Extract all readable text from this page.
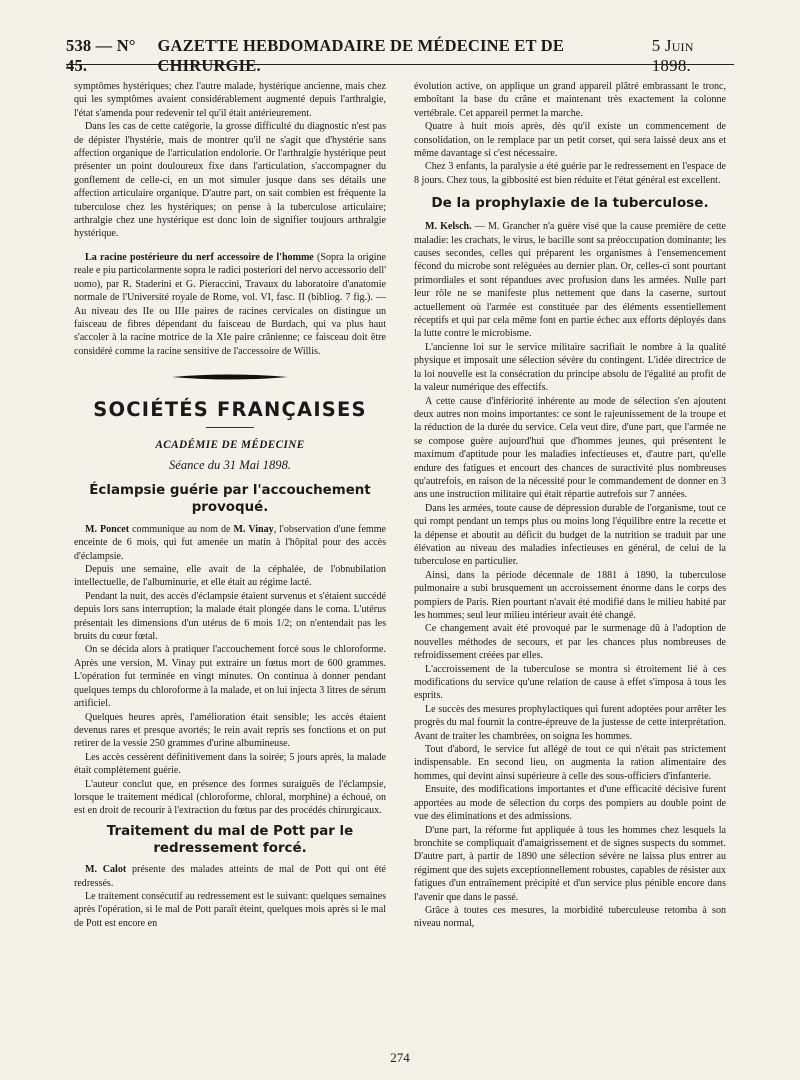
538 — N° 45.
GAZETTE HEBDOMADAIRE DE MÉDECINE ET DE CHIRURGIE.
5 Juin 1898.

symptômes hystériques; chez l'autre malade, hystérique ancienne, mais chez qui les symptômes avaient considérablement augmenté depuis l'arthralgie, l'état s'amenda pour redevenir tel qu'il était antérieurement.

Dans les cas de cette catégorie, la grosse difficulté du diagnostic n'est pas de dépister l'hystérie, mais de montrer qu'il ne s'agit que d'hystérie sans affection organique de l'articulation endolorie. Or l'arthralgie hystérique peut présenter un point douloureux fixe dans l'articulation, s'accompagner du gonflement de celle-ci, en un mot simuler jusque dans ses détails une affection articulaire organique. D'autre part, on sait combien est fréquente la tuberculose chez les hystériques; on pense à la tuberculose articulaire; arthralgie chez une hystérique est donc loin de signifier toujours arthralgie hystérique.

La racine postérieure du nerf accessoire de l'homme (Sopra la origine reale e piu particolarmente sopra le radici posteriori del nervo accessorio dell' uomo), par R. Staderini et G. Pieraccini, Travaux du laboratoire d'anatomie normale de l'Université royale de Rome, vol. VI, fasc. II (bibliog. 7 fig.). — Au niveau des IIe ou IIIe paires de racines cervicales on distingue un faisceau de fibres dépendant du faisceau de Burdach, qui va plus haut s'accoler à la racine motrice de la XIe paire crânienne; ce faisceau doit être considéré comme la racine sensitive de l'accessoire de Willis.

SOCIÉTÉS FRANÇAISES
ACADÉMIE DE MÉDECINE
Séance du 31 Mai 1898.
Éclampsie guérie par l'accouchement provoqué.

M. Poncet communique au nom de M. Vinay, l'observation d'une femme enceinte de 6 mois, qui fut amenée un matin à l'hôpital pour des accès d'éclampsie.

Depuis une semaine, elle avait de la céphalée, de l'obnubilation intellectuelle, de l'albuminurie, et elle était au régime lacté.

Pendant la nuit, des accès d'éclampsie étaient survenus et s'étaient succédé depuis lors sans interruption; la malade était plongée dans le coma. L'utérus présentait les dimensions d'un utérus de 6 mois 1/2; on n'entendait pas les bruits du cœur fœtal.

On se décida alors à pratiquer l'accouchement forcé sous le chloroforme. Après une version, M. Vinay put extraire un fœtus mort de 600 grammes. L'opération fut terminée en vingt minutes. On continua à donner pendant quelques temps du chloroforme à la malade, et on lui injecta 3 litres de sérum artificiel.

Quelques heures après, l'amélioration était sensible; les accès étaient devenus rares et presque avortés; le rein avait repris ses fonctions et on put retirer de la vessie 250 grammes d'urine albumineuse.

Les accès cessèrent définitivement dans la soirée; 5 jours après, la malade était complètement guérie.

L'auteur conclut que, en présence des formes suraiguës de l'éclampsie, lorsque le traitement médical (chloroforme, chloral, morphine) a échoué, on est en droit de recourir à l'extraction du fœtus par des procédés chirurgicaux.

Traitement du mal de Pott par le redressement forcé.

M. Calot présente des malades atteints de mal de Pott qui ont été redressés.

Le traitement consécutif au redressement est le suivant: quelques semaines après l'opération, si le mal de Pott paraît éteint, quelques mois après si le mal de Pott est encore en

évolution active, on applique un grand appareil plâtré embrassant le tronc, emboîtant la base du crâne et maintenant très exactement la colonne vertébrale. Cet appareil permet la marche.

Quatre à huit mois après, dès qu'il existe un commencement de consolidation, on le remplace par un petit corset, qui sera laissé deux ans et même davantage si c'est nécessaire.

Chez 3 enfants, la paralysie a été guérie par le redressement en l'espace de 8 jours. Chez tous, la gibbosité est bien réduite et l'état général est excellent.

De la prophylaxie de la tuberculose.

M. Kelsch. — M. Grancher n'a guère visé que la cause première de cette maladie: les crachats, le virus, le bacille sont sa préoccupation dominante; les causes secondes, celles qui préparent les organismes à l'ensemencement fécond du microbe sont reléguées au dernier plan. Or, celles-ci sont pourtant primordiales et sont répandues avec profusion dans les armées. Nulle part leur rôle ne se manifeste plus nettement que dans la caserne, surtout actuellement où l'armée est constituée par des éléments essentiellement réceptifs et qui par cela même font en partie échec aux efforts déployés dans la lutte contre le microbisme.

L'ancienne loi sur le service militaire sacrifiait le nombre à la qualité physique et imposait une sélection sévère du contingent. L'idée directrice de la loi nouvelle est la consécration du principe absolu de l'égalité au profit de la valeur numérique des effectifs.

A cette cause d'infériorité inhérente au mode de sélection s'en ajoutent deux autres non moins importantes: ce sont le rajeunissement de la troupe et la réduction de la durée du service. Cela veut dire, d'une part, que l'armée ne se compose guère aujourd'hui que d'hommes jeunes, qui présentent le maximum d'aptitude pour les maladies infectieuses et, d'autre part, qu'elle endure des fatigues et encourt des chances de suractivité plus nombreuses qu'autrefois, en raison de la nécessité pour le commandement de donner en 3 ans une instruction militaire qui était répartie autrefois sur 7 années.

Dans les armées, toute cause de dépression durable de l'organisme, tout ce qui rompt pendant un temps plus ou moins long l'équilibre entre la recette et la dépense et aboutit au déficit du budget de la nutrition se traduit par une élévation au niveau des maladies infectieuses en général, de celui de la tuberculose en particulier.

Ainsi, dans la période décennale de 1881 à 1890, la tuberculose pulmonaire a subi brusquement un accroissement énorme dans le corps des pompiers de Paris. Rien pourtant n'avait été modifié dans le milieu habité par les hommes; seul leur milieu intérieur avait été changé.

Ce changement avait été provoqué par le surmenage dû à l'adoption de nouvelles méthodes de secours, et par les chances plus nombreuses de refroidissement créées par elles.

L'accroissement de la tuberculose se montra si étroitement lié à ces modifications du service qu'une relation de cause à effet s'imposa à tous les esprits.

Le succès des mesures prophylactiques qui furent adoptées pour arrêter les progrès du mal fournit la contre-épreuve de la justesse de cette interprétation. Avant de traiter les chambrées, on soigna les hommes.

Tout d'abord, le service fut allégé de tout ce qui n'était pas strictement indispensable. En second lieu, on augmenta la ration alimentaire des hommes, qui devint ainsi supérieure à celle des sous-officiers d'infanterie.

Ensuite, des modifications importantes et d'une efficacité décisive furent apportées au mode de sélection du corps des pompiers au double point de vue des éliminations et des admissions.

D'une part, la réforme fut appliquée à tous les hommes chez lesquels la bronchite se compliquait d'amaigrissement et de signes suspects du sommet. D'autre part, à partir de 1890 une sélection sévère ne laissa plus entrer au régiment que des sujets exceptionnellement robustes, capables de résister aux fatigues d'un entraînement précipité et d'un service plus pénible encore dans l'avenir que dans le passé.

Grâce à toutes ces mesures, la morbidité tuberculeuse retomba à son niveau normal,

274
